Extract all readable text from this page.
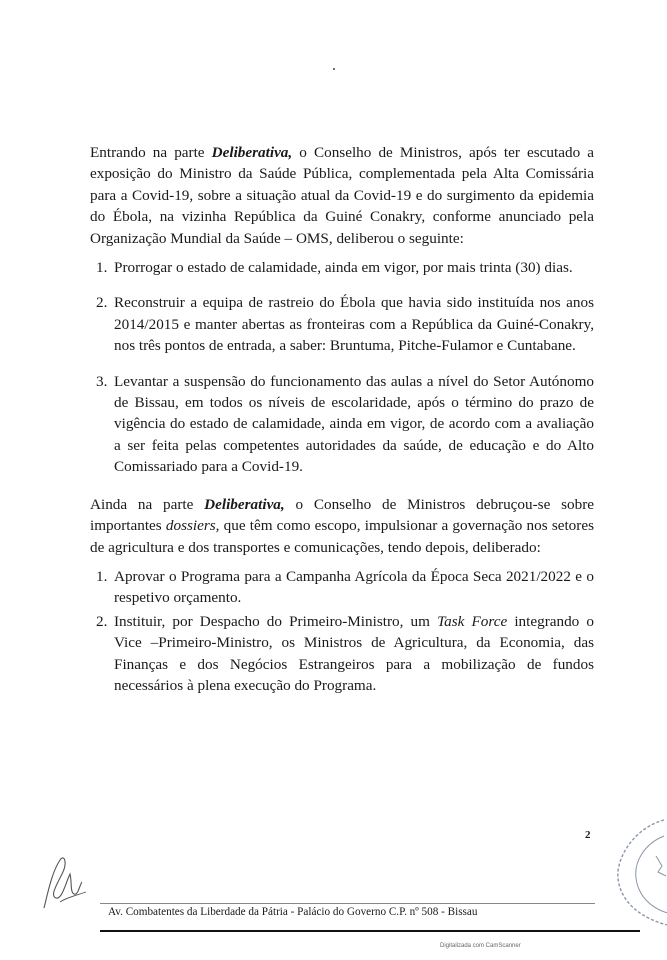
Entrando na parte Deliberativa, o Conselho de Ministros, após ter escutado a exposição do Ministro da Saúde Pública, complementada pela Alta Comissária para a Covid-19, sobre a situação atual da Covid-19 e do surgimento da epidemia do Ébola, na vizinha República da Guiné Conakry, conforme anunciado pela Organização Mundial da Saúde – OMS, deliberou o seguinte:

1. Prorrogar o estado de calamidade, ainda em vigor, por mais trinta (30) dias.
2. Reconstruir a equipa de rastreio do Ébola que havia sido instituída nos anos 2014/2015 e manter abertas as fronteiras com a República da Guiné-Conakry, nos três pontos de entrada, a saber: Bruntuma, Pitche-Fulamor e Cuntabane.
3. Levantar a suspensão do funcionamento das aulas a nível do Setor Autónomo de Bissau, em todos os níveis de escolaridade, após o término do prazo de vigência do estado de calamidade, ainda em vigor, de acordo com a avaliação a ser feita pelas competentes autoridades da saúde, de educação e do Alto Comissariado para a Covid-19.

Ainda na parte Deliberativa, o Conselho de Ministros debruçou-se sobre importantes dossiers, que têm como escopo, impulsionar a governação nos setores de agricultura e dos transportes e comunicações, tendo depois, deliberado:

1. Aprovar o Programa para a Campanha Agrícola da Época Seca 2021/2022 e o respetivo orçamento.
2. Instituir, por Despacho do Primeiro-Ministro, um Task Force integrando o Vice –Primeiro-Ministro, os Ministros de Agricultura, da Economia, das Finanças e dos Negócios Estrangeiros para a mobilização de fundos necessários à plena execução do Programa.
2
Av. Combatentes da Liberdade da Pátria - Palácio do Governo C.P. nº 508 - Bissau
Digitalizada com CamScanner
